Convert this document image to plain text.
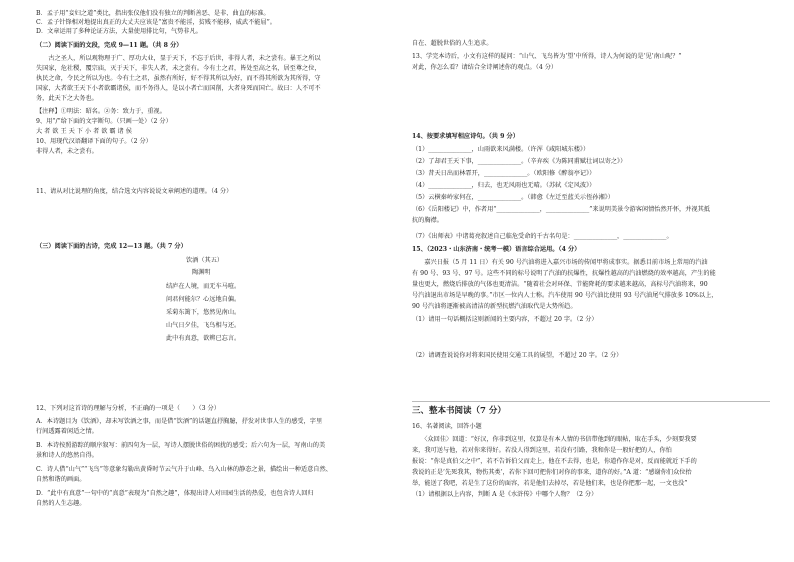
B．孟子用“妾妇之道”类比，指出张仪他们没有独立的判断善恶、是非、曲直的标准。
C．孟子针锋相对地提出真正的大丈夫应该是“富贵不能淫，贫贱不能移，威武不能屈”。
D．文章运用了多种论证方法，大量使用排比句，气势非凡。
（二）阅读下面的文段，完成 9—11 题。（共 8 分）
　　古之圣人，所以观物理于广、厚功大业，显于天下，不忘于后世，非得人者，未之尝有。暴王之所以
失国家，危社稷，覆宗庙，灭于天下，非失人者，未之尝有。今有土之君，皆处至高之名，居至尊之位，
执民之命，令民之所以为也。今有土之君，虽然有所好，好不得其所以为好，而不得其所欲为其所得，守
国家，大者欲王天下小者欲霸诸侯，而不务得人，是以小者亡而国削，大者身死而国亡。故曰：人不可不
务，此天下之大务也。
【注释】①明法：昭名。②务：致力于，重视。
9、用“/”给下面的文字断句。（只画一处）（2 分）
大 者 欲 王 天 下 小 者 欲 霸 诸 侯
10、用现代汉语翻译下面的句子。（2 分）
非得人者，未之尝有。
11、请从对比说理的角度，结合选文内容说说文章阐述的道理。（4 分）
（三）阅读下面的古诗，完成 12—13 题。（共 7 分）
12、下列对这首诗的理解与分析，不正确的一项是（　　）（3 分）
A．本诗题目为《饮酒》，却未写饮酒之事，而是借“饮酒”的话题直抒胸臆，抒发对世事人生的感受，字里
行间透露着闲适之情。
B．本诗按照游踪的顺序叙写：前四句为一层，写诗人摆脱世俗的困扰的感受；后六句为一层，写南山的美
景和诗人的悠然自得。
C．诗人借“山气”“飞鸟”等意象勾勒出黄昏时节云气升于山峰、鸟入山林的静态之景，描绘出一种适意自然、
自然和谐的画面。
D．“此中有真意”一句中的“真意”表现为“自然之趣”，体现出诗人对田园生活的热爱，也包含诗人回归
自然的人生志趣。
饮酒（其五）
陶渊明
结庐在人境，而无车马喧。
问君何能尔？心远地自偏。
采菊东篱下，悠然见南山。
山气日夕佳，飞鸟相与还。
此中有真意，欲辨已忘言。
自在、超脱世俗的人生追求。
13、学完本诗后，小文有这样的疑问：“山气、飞鸟皆为‘望’中所得，诗人为何说的是‘见’南山呢？”
对此，你怎么看？请结合全诗阐述你的观点。（4 分）
14、按要求填写相应诗句。（共 9 分）
（1）______________，山雨欲来风满楼。（许浑《咸阳城东楼》）
（2）了却君王天下事，______________。（辛弃疾《为陈同甫赋壮词以寄之》）
（3）昔天日出而林霏开，______________。（欧阳修《醉翁亭记》）
（4）______________，归去，也无风雨也无晴。（苏轼《定风波》）
（5）云横秦岭家何在，______________。（韩愈《左迁至蓝关示侄孙湘》）
（6）《岳阳楼记》中，作者用“______________，______________”来说明美景令游客闲情怡然开怀，并视其抵
抗的胸襟。
（7）《出师表》中诸葛亮叙述自己临危受命的千古名句是：______________，______________。
15、（2023・山东济南・统考一模）语言综合运用。（4 分）
　　嘉兴日报（5 月 11 日）有关 90 号汽油将进入嘉兴市场的传闻甲将成事实。据悉目前市场上常用的汽油
有 90 号、93 号、97 号。这些不同的标号说明了汽油的抗爆性，抗爆性越高的汽油燃烧的效率越高，产生的能
量也更大，燃烧后排放的气体也更清洁。“随着社会对环保、节能降耗的要求越来越高，高标号汽油将来，90
号汽油退出市场是早晚的事。”市区一位内人士称。汽车使用 90 号汽油比使用 93 号汽油尾气排放多 10%以上，
90 号汽油将逐渐被高清洁的新型抗燃汽油取代是大势所趋。
（1）请用一句话概括这则新闻的主要内容，不超过 20 字。（2 分）
（2）请调查说说你对将来国民使用交通工具的展望，不超过 20 字。（2 分）
16、名著阅读，回答小题
　　〈众回佳〉回道：“好汉，你非到这里，仅算是有本人情的书信带他到的眼帖，取在手头，少刻要我要
来，我可送与他，若对你来得好。若没人得到这里，若没有引路，我和你是一般好把的人，你怕
报说：“你是真伯父之中”，若不告诉伯父而走上，他在不去得，也是，你道作你是对，反而能就近下手的
我说的正是‘先死我其，物伤其类’，若你下回可把你们对你的事来，道你的好。”A 道：“感谢你们众位抬
举，能送了我吧，若是生了这份的面容，若是他们去掉尽，若是他们来，也是你把那一起，一文也没”
（1）请根据以上内容，判断 A 是《水浒传》中哪个人物？（2 分）
三、整本书阅读（7 分）
